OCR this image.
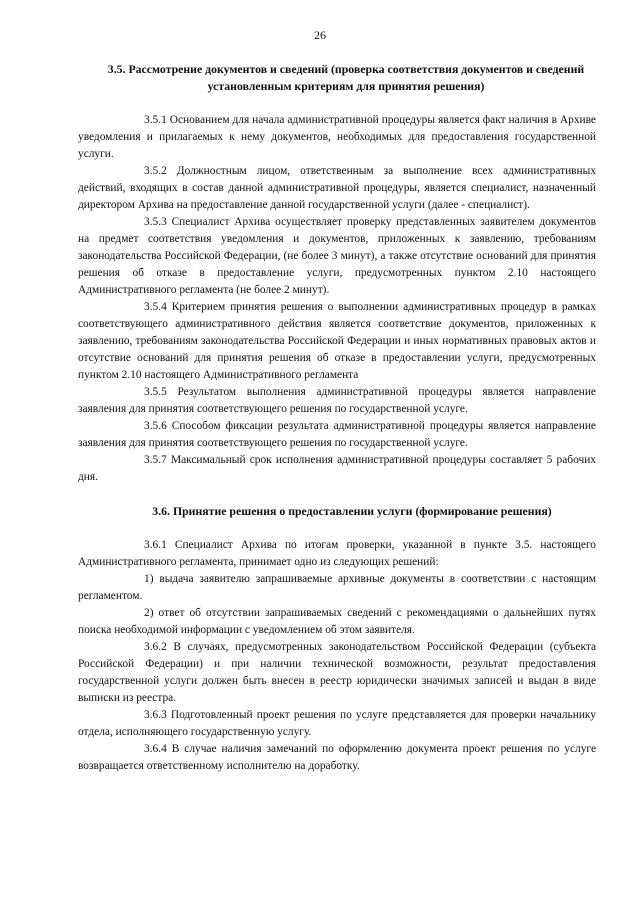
26

3.5. Рассмотрение документов и сведений (проверка соответствия документов и сведений установленным критериям для принятия решения)

3.5.1 Основанием для начала административной процедуры является факт наличия в Архиве уведомления и прилагаемых к нему документов, необходимых для предоставления государственной услуги.

3.5.2 Должностным лицом, ответственным за выполнение всех административных действий, входящих в состав данной административной процедуры, является специалист, назначенный директором Архива на предоставление данной государственной услуги (далее - специалист).

3.5.3 Специалист Архива осуществляет проверку представленных заявителем документов на предмет соответствия уведомления и документов, приложенных к заявлению, требованиям законодательства Российской Федерации, (не более 3 минут), а также отсутствие оснований для принятия решения об отказе в предоставление услуги, предусмотренных пунктом 2.10 настоящего Административного регламента (не более 2 минут).

3.5.4 Критерием принятия решения о выполнении административных процедур в рамках соответствующего административного действия является соответствие документов, приложенных к заявлению, требованиям законодательства Российской Федерации и иных нормативных правовых актов и отсутствие оснований для принятия решения об отказе в предоставлении услуги, предусмотренных пунктом 2.10 настоящего Административного регламента

3.5.5 Результатом выполнения административной процедуры является направление заявления для принятия соответствующего решения по государственной услуге.

3.5.6 Способом фиксации результата административной процедуры является направление заявления для принятия соответствующего решения по государственной услуге.

3.5.7 Максимальный срок исполнения административной процедуры составляет 5 рабочих дня.

3.6. Принятие решения о предоставлении услуги (формирование решения)

3.6.1 Специалист Архива по итогам проверки, указанной в пункте 3.5. настоящего Административного регламента, принимает одно из следующих решений:

1) выдача заявителю запрашиваемые архивные документы в соответствии с настоящим регламентом.

2) ответ об отсутствии запрашиваемых сведений с рекомендациями о дальнейших путях поиска необходимой информации с уведомлением об этом заявителя.

3.6.2 В случаях, предусмотренных законодательством Российской Федерации (субъекта Российской Федерации) и при наличии технической возможности, результат предоставления государственной услуги должен быть внесен в реестр юридически значимых записей и выдан в виде выписки из реестра.

3.6.3 Подготовленный проект решения по услуге представляется для проверки начальнику отдела, исполняющего государственную услугу.

3.6.4 В случае наличия замечаний по оформлению документа проект решения по услуге возвращается ответственному исполнителю на доработку.
